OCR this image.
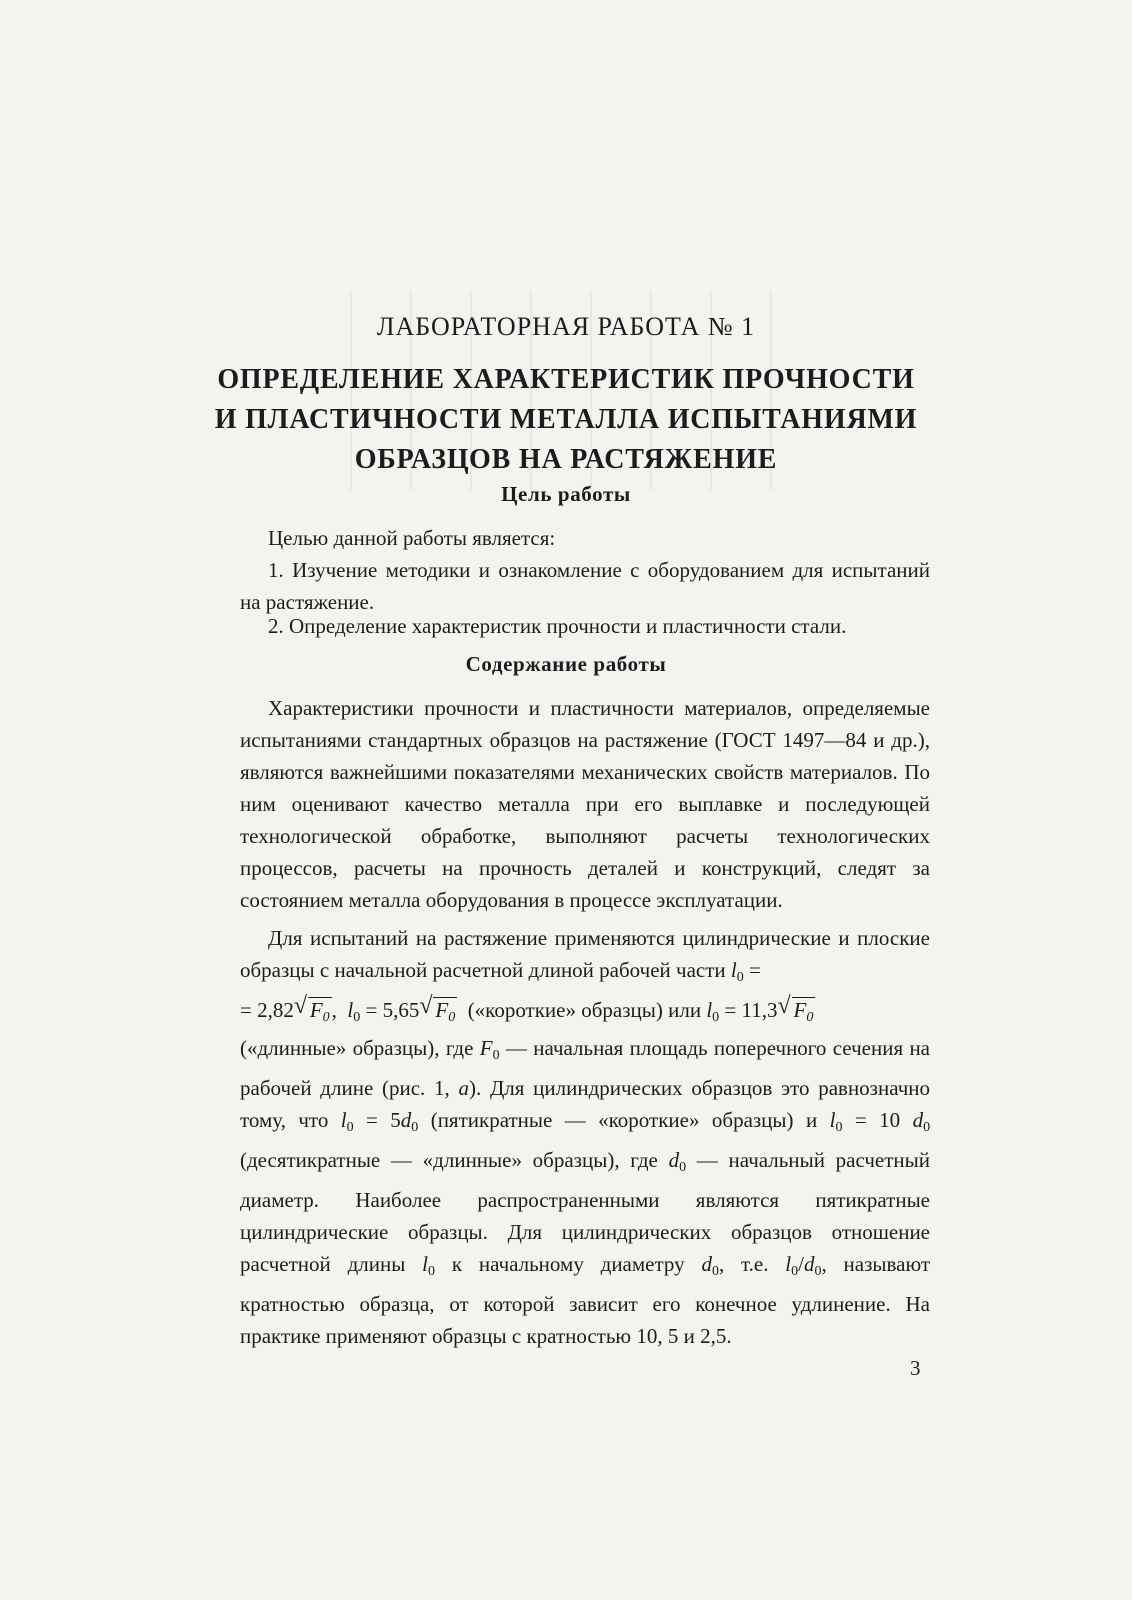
ЛАБОРАТОРНАЯ РАБОТА № 1
ОПРЕДЕЛЕНИЕ ХАРАКТЕРИСТИК ПРОЧНОСТИ
И ПЛАСТИЧНОСТИ МЕТАЛЛА ИСПЫТАНИЯМИ
ОБРАЗЦОВ НА РАСТЯЖЕНИЕ
Цель работы
Целью данной работы является:
1. Изучение методики и ознакомление с оборудованием для испытаний на растяжение.
2. Определение характеристик прочности и пластичности стали.
Содержание работы
Характеристики прочности и пластичности материалов, определяемые испытаниями стандартных образцов на растяжение (ГОСТ 1497—84 и др.), являются важнейшими показателями механических свойств материалов. По ним оценивают качество металла при его выплавке и последующей технологической обработке, выполняют расчеты технологических процессов, расчеты на прочность деталей и конструкций, следят за состоянием металла оборудования в процессе эксплуатации.
Для испытаний на растяжение применяются цилиндрические и плоские образцы с начальной расчетной длиной рабочей части $l_0$ =
= 2,82√ $F_0$,  $l_0 = 5,65√$ $F_0$ («короткие» образцы) или $l_0 = 11,3√$ $F_0$
(«длинные» образцы), где $F_0$ — начальная площадь поперечного сечения на рабочей длине (рис. 1, а). Для цилиндрических образцов это равнозначно тому, что $l_0 = 5d_0$ (пятикратные — «короткие» образцы) и $l_0 = 10$ $d_0$ (десятикратные — «длинные» образцы), где $d_0$ — начальный расчетный диаметр. Наиболее распространенными являются пятикратные цилиндрические образцы. Для цилиндрических образцов отношение расчетной длины $l_0$ к начальному диаметру $d_0$, т.е. $l_0/d_0$, называют кратностью образца, от которой зависит его конечное удлинение. На практике применяют образцы с кратностью 10, 5 и 2,5.
3
